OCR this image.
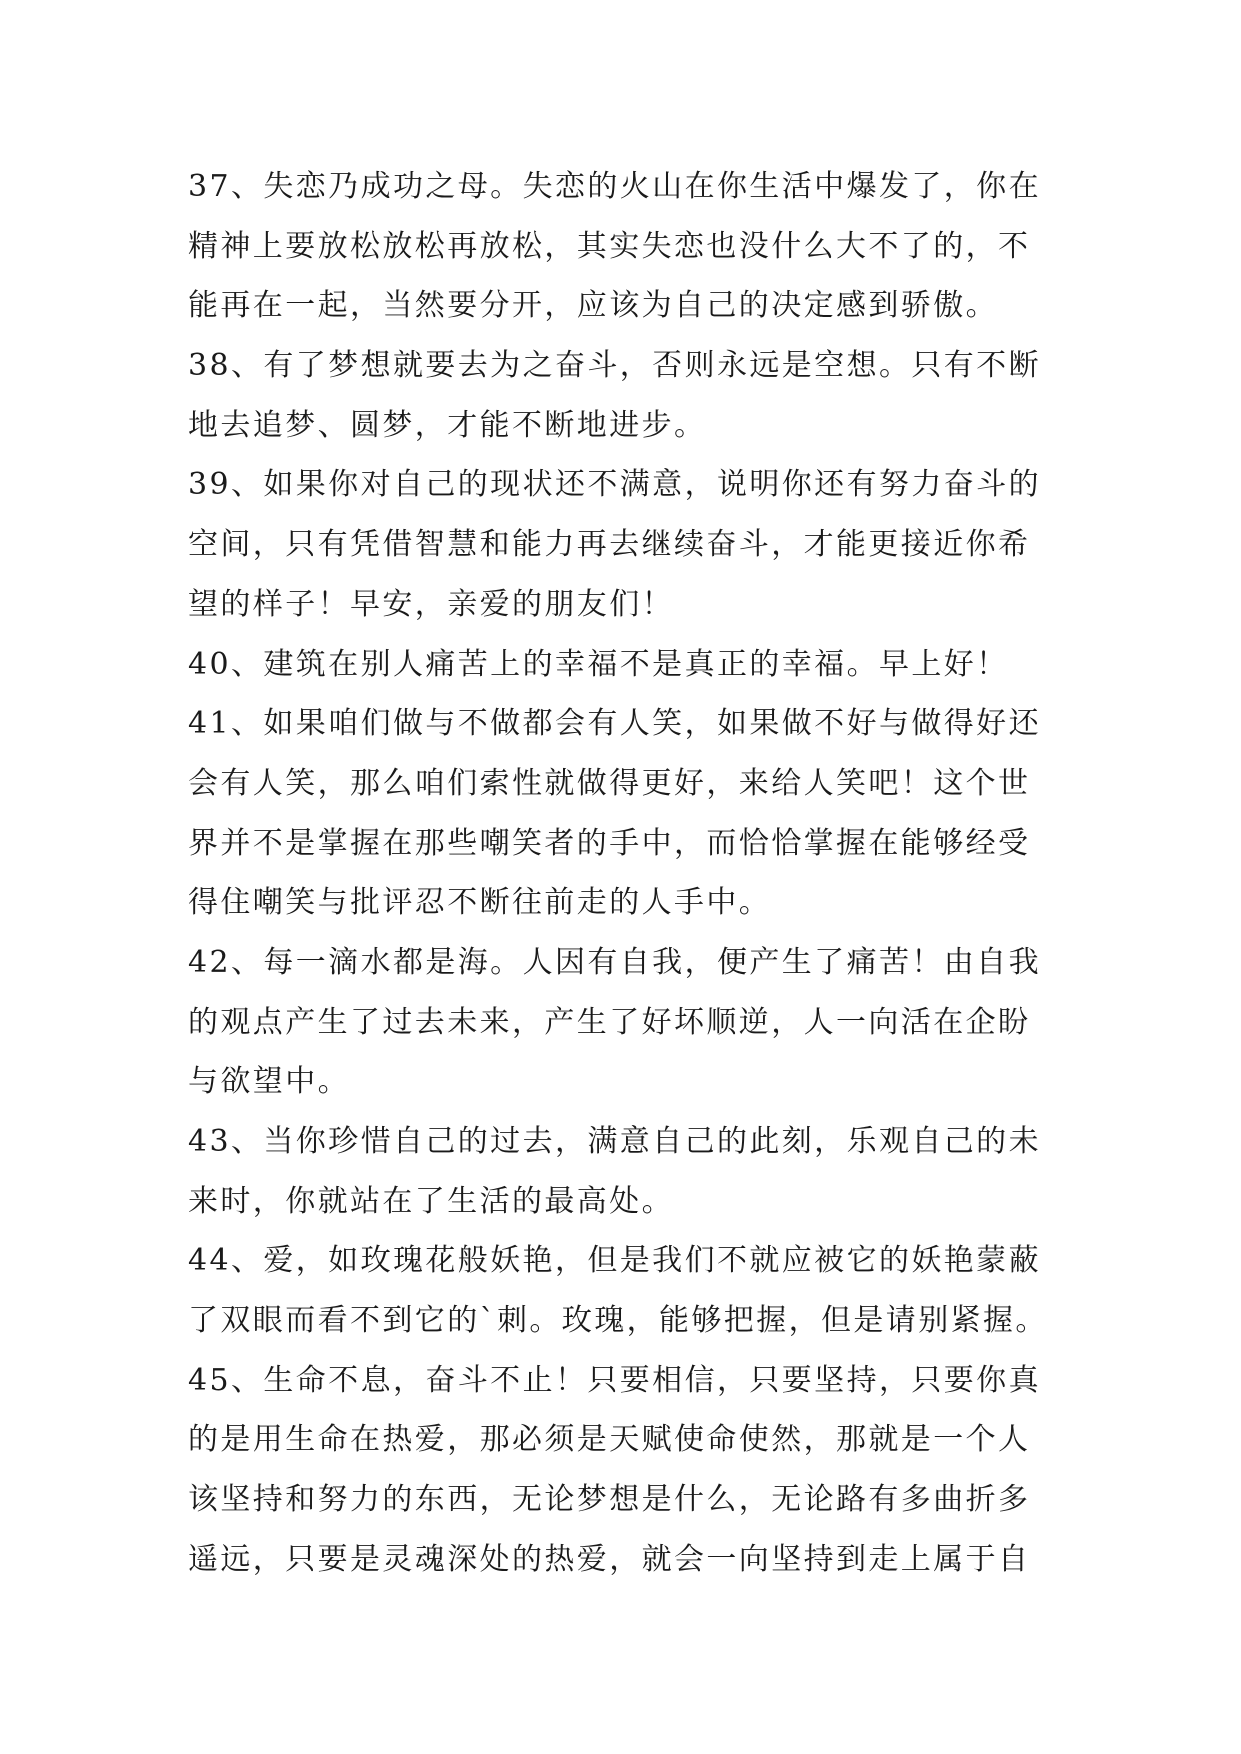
37、失恋乃成功之母。失恋的火山在你生活中爆发了，你在
精神上要放松放松再放松，其实失恋也没什么大不了的，不
能再在一起，当然要分开，应该为自己的决定感到骄傲。
38、有了梦想就要去为之奋斗，否则永远是空想。只有不断
地去追梦、圆梦，才能不断地进步。
39、如果你对自己的现状还不满意，说明你还有努力奋斗的
空间，只有凭借智慧和能力再去继续奋斗，才能更接近你希
望的样子！早安，亲爱的朋友们！
40、建筑在别人痛苦上的幸福不是真正的幸福。早上好！
41、如果咱们做与不做都会有人笑，如果做不好与做得好还
会有人笑，那么咱们索性就做得更好，来给人笑吧！这个世
界并不是掌握在那些嘲笑者的手中，而恰恰掌握在能够经受
得住嘲笑与批评忍不断往前走的人手中。
42、每一滴水都是海。人因有自我，便产生了痛苦！由自我
的观点产生了过去未来，产生了好坏顺逆，人一向活在企盼
与欲望中。
43、当你珍惜自己的过去，满意自己的此刻，乐观自己的未
来时，你就站在了生活的最高处。
44、爱，如玫瑰花般妖艳，但是我们不就应被它的妖艳蒙蔽
了双眼而看不到它的`刺。玫瑰，能够把握，但是请别紧握。
45、生命不息，奋斗不止！只要相信，只要坚持，只要你真
的是用生命在热爱，那必须是天赋使命使然，那就是一个人
该坚持和努力的东西，无论梦想是什么，无论路有多曲折多
遥远，只要是灵魂深处的热爱，就会一向坚持到走上属于自
